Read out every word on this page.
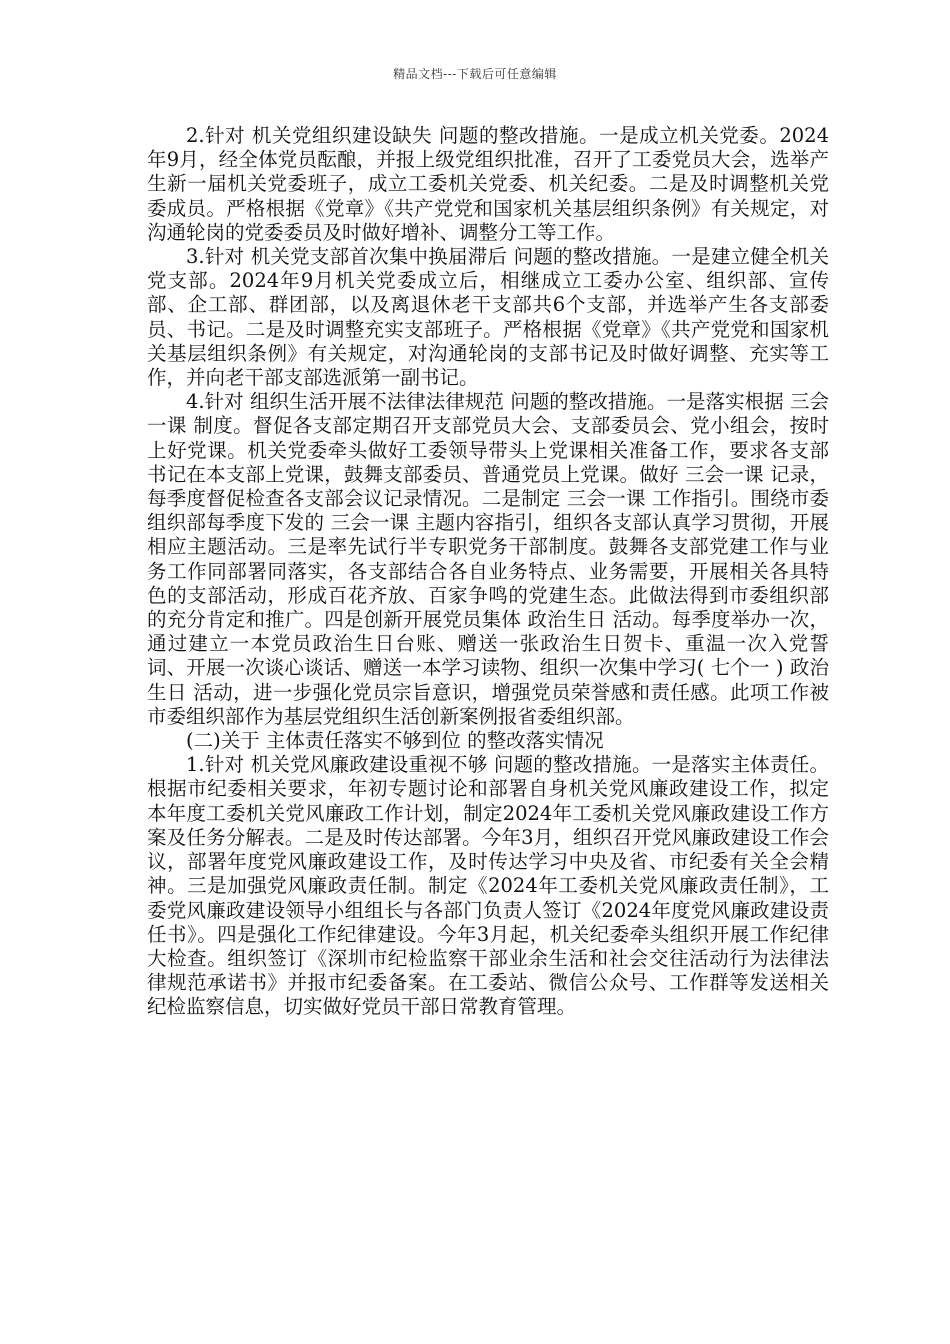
精品文档---下载后可任意编辑

2.针对 机关党组织建设缺失 问题的整改措施。一是成立机关党委。2024年9月，经全体党员酝酿，并报上级党组织批准，召开了工委党员大会，选举产生新一届机关党委班子，成立工委机关党委、机关纪委。二是及时调整机关党委成员。严格根据《党章》《共产党党和国家机关基层组织条例》有关规定，对沟通轮岗的党委委员及时做好增补、调整分工等工作。

3.针对 机关党支部首次集中换届滞后 问题的整改措施。一是建立健全机关党支部。2024年9月机关党委成立后，相继成立工委办公室、组织部、宣传部、企工部、群团部，以及离退休老干支部共6个支部，并选举产生各支部委员、书记。二是及时调整充实支部班子。严格根据《党章》《共产党党和国家机关基层组织条例》有关规定，对沟通轮岗的支部书记及时做好调整、充实等工作，并向老干部支部选派第一副书记。

4.针对 组织生活开展不法律法律规范 问题的整改措施。一是落实根据 三会一课 制度。督促各支部定期召开支部党员大会、支部委员会、党小组会，按时上好党课。机关党委牵头做好工委领导带头上党课相关准备工作，要求各支部书记在本支部上党课，鼓舞支部委员、普通党员上党课。做好 三会一课 记录，每季度督促检查各支部会议记录情况。二是制定 三会一课 工作指引。围绕市委组织部每季度下发的 三会一课 主题内容指引，组织各支部认真学习贯彻，开展相应主题活动。三是率先试行半专职党务干部制度。鼓舞各支部党建工作与业务工作同部署同落实，各支部结合各自业务特点、业务需要，开展相关各具特色的支部活动，形成百花齐放、百家争鸣的党建生态。此做法得到市委组织部的充分肯定和推广。四是创新开展党员集体 政治生日 活动。每季度举办一次，通过建立一本党员政治生日台账、赠送一张政治生日贺卡、重温一次入党誓词、开展一次谈心谈话、赠送一本学习读物、组织一次集中学习( 七个一 ) 政治生日 活动，进一步强化党员宗旨意识，增强党员荣誉感和责任感。此项工作被市委组织部作为基层党组织生活创新案例报省委组织部。

(二)关于 主体责任落实不够到位 的整改落实情况

1.针对 机关党风廉政建设重视不够 问题的整改措施。一是落实主体责任。根据市纪委相关要求，年初专题讨论和部署自身机关党风廉政建设工作，拟定本年度工委机关党风廉政工作计划，制定2024年工委机关党风廉政建设工作方案及任务分解表。二是及时传达部署。今年3月，组织召开党风廉政建设工作会议，部署年度党风廉政建设工作，及时传达学习中央及省、市纪委有关全会精神。三是加强党风廉政责任制。制定《2024年工委机关党风廉政责任制》，工委党风廉政建设领导小组组长与各部门负责人签订《2024年度党风廉政建设责任书》。四是强化工作纪律建设。今年3月起，机关纪委牵头组织开展工作纪律大检查。组织签订《深圳市纪检监察干部业余生活和社会交往活动行为法律法律规范承诺书》并报市纪委备案。在工委站、微信公众号、工作群等发送相关纪检监察信息，切实做好党员干部日常教育管理。
